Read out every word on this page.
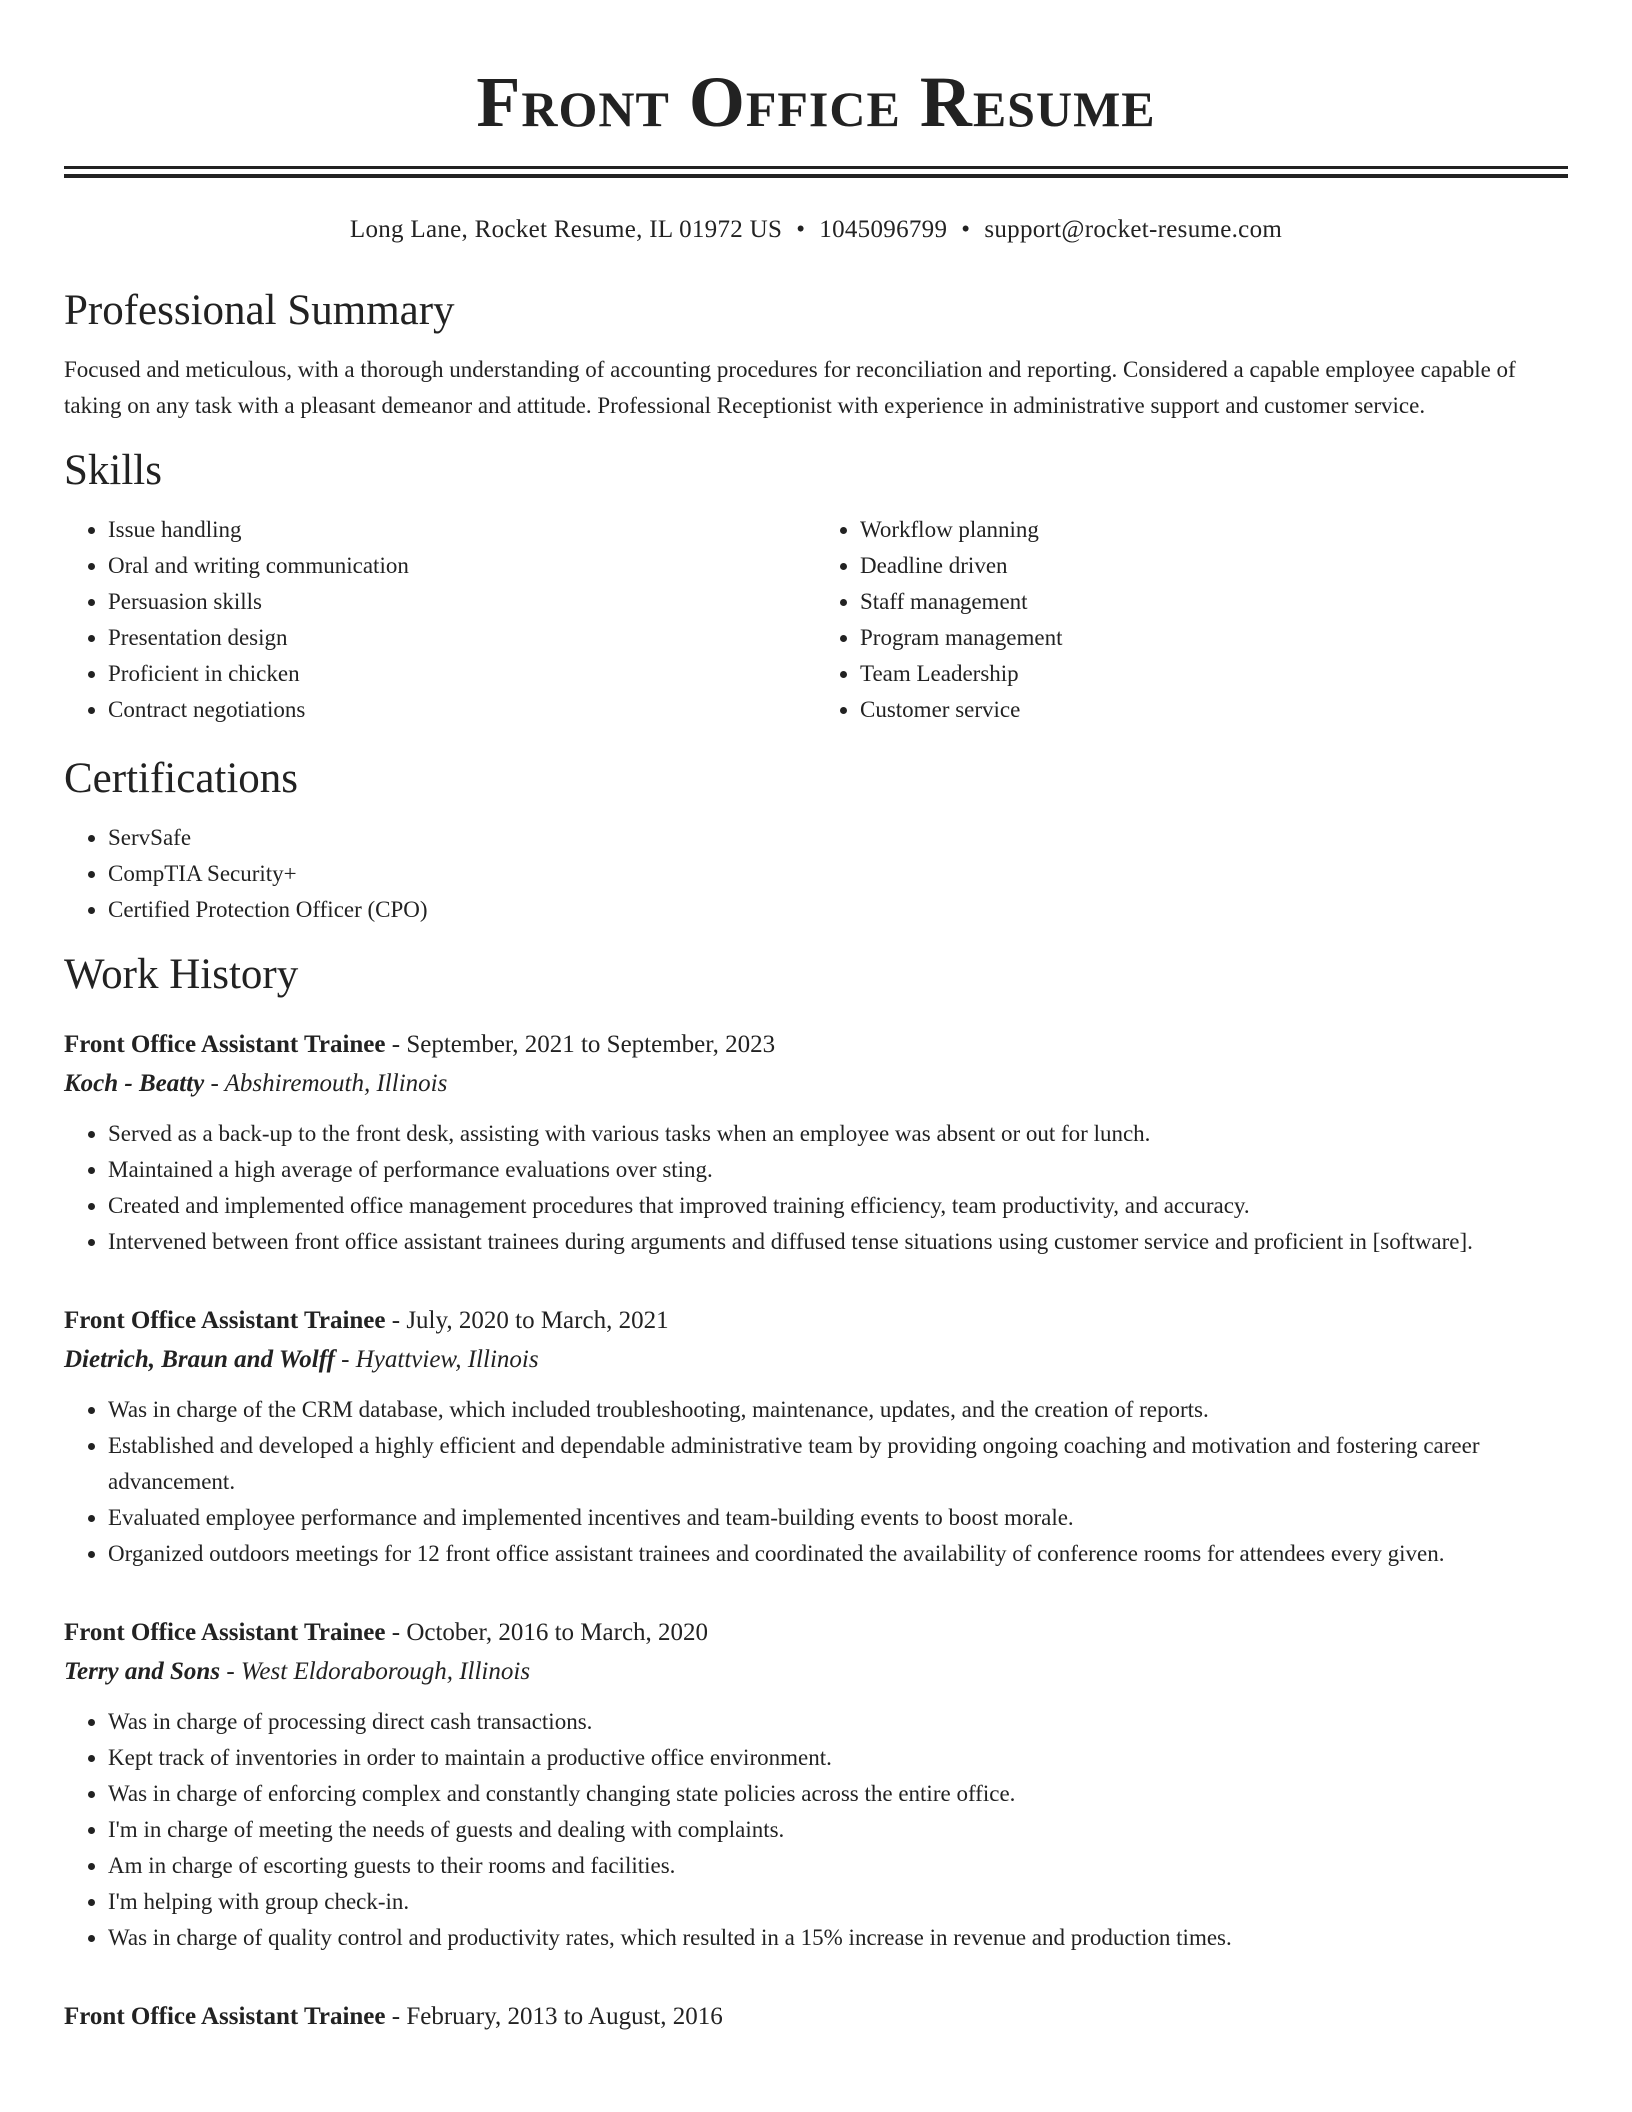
Front Office Resume
Long Lane, Rocket Resume, IL 01972 US • 1045096799 • support@rocket-resume.com
Professional Summary
Focused and meticulous, with a thorough understanding of accounting procedures for reconciliation and reporting. Considered a capable employee capable of taking on any task with a pleasant demeanor and attitude. Professional Receptionist with experience in administrative support and customer service.
Skills
• Issue handling
• Oral and writing communication
• Persuasion skills
• Presentation design
• Proficient in chicken
• Contract negotiations
• Workflow planning
• Deadline driven
• Staff management
• Program management
• Team Leadership
• Customer service
Certifications
• ServSafe
• CompTIA Security+
• Certified Protection Officer (CPO)
Work History
Front Office Assistant Trainee - September, 2021 to September, 2023
Koch - Beatty - Abshiremouth, Illinois
• Served as a back-up to the front desk, assisting with various tasks when an employee was absent or out for lunch.
• Maintained a high average of performance evaluations over sting.
• Created and implemented office management procedures that improved training efficiency, team productivity, and accuracy.
• Intervened between front office assistant trainees during arguments and diffused tense situations using customer service and proficient in [software].
Front Office Assistant Trainee - July, 2020 to March, 2021
Dietrich, Braun and Wolff - Hyattview, Illinois
• Was in charge of the CRM database, which included troubleshooting, maintenance, updates, and the creation of reports.
• Established and developed a highly efficient and dependable administrative team by providing ongoing coaching and motivation and fostering career advancement.
• Evaluated employee performance and implemented incentives and team-building events to boost morale.
• Organized outdoors meetings for 12 front office assistant trainees and coordinated the availability of conference rooms for attendees every given.
Front Office Assistant Trainee - October, 2016 to March, 2020
Terry and Sons - West Eldoraborough, Illinois
• Was in charge of processing direct cash transactions.
• Kept track of inventories in order to maintain a productive office environment.
• Was in charge of enforcing complex and constantly changing state policies across the entire office.
• I'm in charge of meeting the needs of guests and dealing with complaints.
• Am in charge of escorting guests to their rooms and facilities.
• I'm helping with group check-in.
• Was in charge of quality control and productivity rates, which resulted in a 15% increase in revenue and production times.
Front Office Assistant Trainee - February, 2013 to August, 2016
